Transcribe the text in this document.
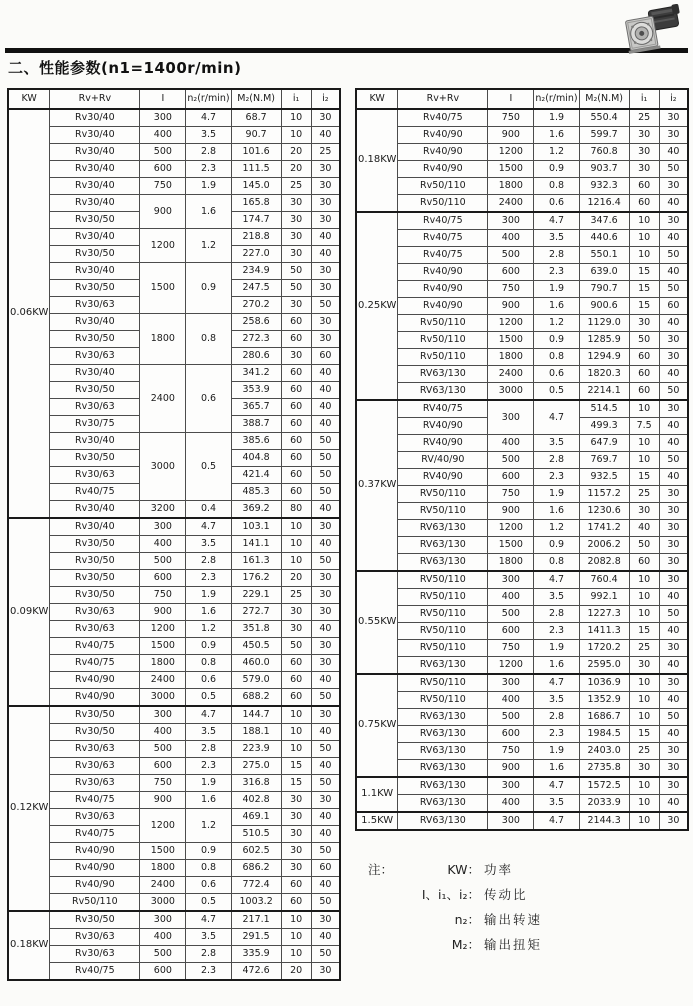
二、性能参数(n1=1400r/min)
KW	Rv+Rv	I	n₂(r/min)	M₂(N.M)	i₁	i₂
0.06KW	Rv30/40	300	4.7	68.7	10	30
	Rv30/40	400	3.5	90.7	10	40
	Rv30/40	500	2.8	101.6	20	25
	Rv30/40	600	2.3	111.5	20	30
	Rv30/40	750	1.9	145.0	25	30
	Rv30/40	900	1.6	165.8	30	30
	Rv30/50			174.7	30	30
	Rv30/40	1200	1.2	218.8	30	40
	Rv30/50			227.0	30	40
	Rv30/40	1500	0.9	234.9	50	30
	Rv30/50			247.5	50	30
	Rv30/63			270.2	30	50
	Rv30/40	1800	0.8	258.6	60	30
	Rv30/50			272.3	60	30
	Rv30/63			280.6	30	60
	Rv30/40	2400	0.6	341.2	60	40
	Rv30/50			353.9	60	40
	Rv30/63			365.7	60	40
	Rv30/75			388.7	60	40
	Rv30/40	3000	0.5	385.6	60	50
	Rv30/50			404.8	60	50
	Rv30/63			421.4	60	50
	Rv40/75			485.3	60	50
	Rv30/40	3200	0.4	369.2	80	40
0.09KW	Rv30/40	300	4.7	103.1	10	30
	Rv30/50	400	3.5	141.1	10	40
	Rv30/50	500	2.8	161.3	10	50
	Rv30/50	600	2.3	176.2	20	30
	Rv30/50	750	1.9	229.1	25	30
	Rv30/63	900	1.6	272.7	30	30
	Rv30/63	1200	1.2	351.8	30	40
	Rv40/75	1500	0.9	450.5	50	30
	Rv40/75	1800	0.8	460.0	60	30
	Rv40/90	2400	0.6	579.0	60	40
	Rv40/90	3000	0.5	688.2	60	50
0.12KW	Rv30/50	300	4.7	144.7	10	30
	Rv30/50	400	3.5	188.1	10	40
	Rv30/63	500	2.8	223.9	10	50
	Rv30/63	600	2.3	275.0	15	40
	Rv30/63	750	1.9	316.8	15	50
	Rv40/75	900	1.6	402.8	30	30
	Rv30/63	1200	1.2	469.1	30	40
	Rv40/75			510.5	30	40
	Rv40/90	1500	0.9	602.5	30	50
	Rv40/90	1800	0.8	686.2	30	60
	Rv40/90	2400	0.6	772.4	60	40
	Rv50/110	3000	0.5	1003.2	60	50
0.18KW	Rv30/50	300	4.7	217.1	10	30
	Rv30/63	400	3.5	291.5	10	40
	Rv30/63	500	2.8	335.9	10	50
	Rv40/75	600	2.3	472.6	20	30
KW	Rv+Rv	I	n₂(r/min)	M₂(N.M)	i₁	i₂
0.18KW	Rv40/75	750	1.9	550.4	25	30
	Rv40/90	900	1.6	599.7	30	30
	Rv40/90	1200	1.2	760.8	30	40
	Rv40/90	1500	0.9	903.7	30	50
	Rv50/110	1800	0.8	932.3	60	30
	Rv50/110	2400	0.6	1216.4	60	40
0.25KW	Rv40/75	300	4.7	347.6	10	30
	Rv40/75	400	3.5	440.6	10	40
	Rv40/75	500	2.8	550.1	10	50
	Rv40/90	600	2.3	639.0	15	40
	Rv40/90	750	1.9	790.7	15	50
	Rv40/90	900	1.6	900.6	15	60
	Rv50/110	1200	1.2	1129.0	30	40
	Rv50/110	1500	0.9	1285.9	50	30
	Rv50/110	1800	0.8	1294.9	60	30
	RV63/130	2400	0.6	1820.3	60	40
	RV63/130	3000	0.5	2214.1	60	50
0.37KW	RV40/75	300	4.7	514.5	10	30
	RV40/90			499.3	7.5	40
	RV40/90	400	3.5	647.9	10	40
	RV/40/90	500	2.8	769.7	10	50
	RV40/90	600	2.3	932.5	15	40
	RV50/110	750	1.9	1157.2	25	30
	RV50/110	900	1.6	1230.6	30	30
	RV63/130	1200	1.2	1741.2	40	30
	RV63/130	1500	0.9	2006.2	50	30
	RV63/130	1800	0.8	2082.8	60	30
0.55KW	RV50/110	300	4.7	760.4	10	30
	RV50/110	400	3.5	992.1	10	40
	RV50/110	500	2.8	1227.3	10	50
	RV50/110	600	2.3	1411.3	15	40
	RV50/110	750	1.9	1720.2	25	30
	RV63/130	1200	1.6	2595.0	30	40
0.75KW	RV50/110	300	4.7	1036.9	10	30
	RV50/110	400	3.5	1352.9	10	40
	RV63/130	500	2.8	1686.7	10	50
	RV63/130	600	2.3	1984.5	15	40
	RV63/130	750	1.9	2403.0	25	30
	RV63/130	900	1.6	2735.8	30	30
1.1KW	RV63/130	300	4.7	1572.5	10	30
	RV63/130	400	3.5	2033.9	10	40
1.5KW	RV63/130	300	4.7	2144.3	10	30
注：	KW： 功率
I、i₁、i₂： 传动比
n₂： 输出转速
M₂： 输出扭矩
